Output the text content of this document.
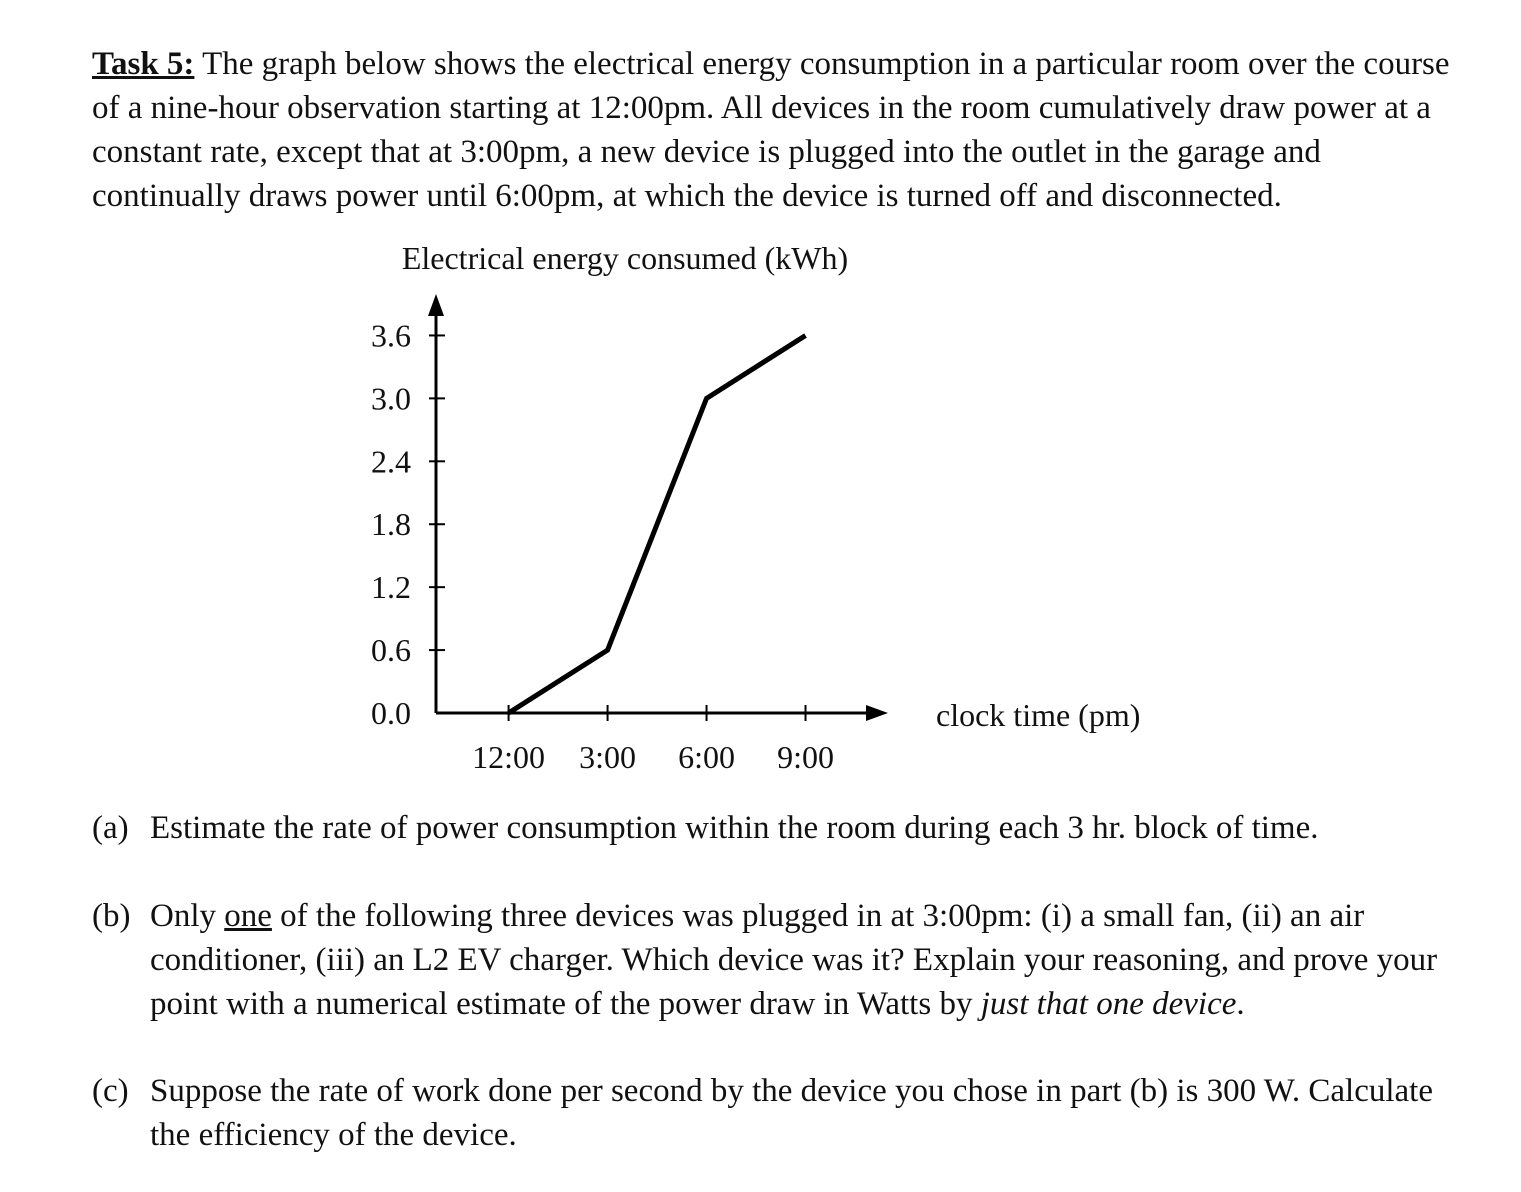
Task 5: The graph below shows the electrical energy consumption in a particular room over the course of a nine-hour observation starting at 12:00pm. All devices in the room cumulatively draw power at a constant rate, except that at 3:00pm, a new device is plugged into the outlet in the garage and continually draws power until 6:00pm, at which the device is turned off and disconnected.
Electrical energy consumed (kWh)
clock time (pm)
0.0
0.6
1.2
1.8
2.4
3.0
3.6
12:00 3:00 6:00 9:00
(a) Estimate the rate of power consumption within the room during each 3 hr. block of time.
(b) Only one of the following three devices was plugged in at 3:00pm: (i) a small fan, (ii) an air conditioner, (iii) an L2 EV charger. Which device was it? Explain your reasoning, and prove your point with a numerical estimate of the power draw in Watts by just that one device.
(c) Suppose the rate of work done per second by the device you chose in part (b) is 300 W. Calculate the efficiency of the device.
